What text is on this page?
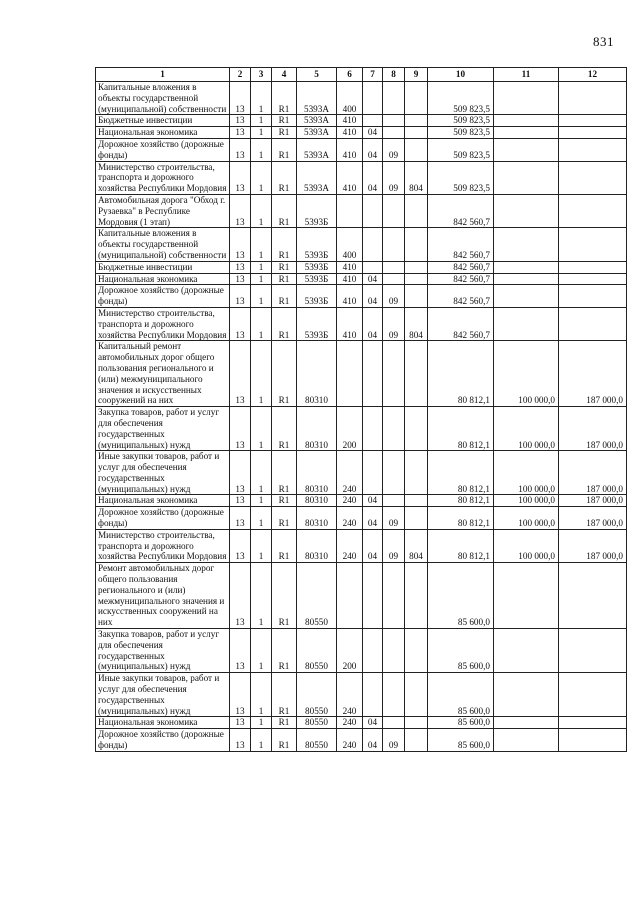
831
1	2	3	4	5	6	7	8	9	10	11	12
Капитальные вложения в объекты государственной (муниципальной) собственности	13	1	R1	5393А	400				509 823,5		
Бюджетные инвестиции	13	1	R1	5393А	410				509 823,5		
Национальная экономика	13	1	R1	5393А	410	04			509 823,5		
Дорожное хозяйство (дорожные фонды)	13	1	R1	5393А	410	04	09		509 823,5		
Министерство строительства, транспорта и дорожного хозяйства Республики Мордовия	13	1	R1	5393А	410	04	09	804	509 823,5		
Автомобильная дорога "Обход г. Рузаевка" в Республике Мордовия (1 этап)	13	1	R1	5393Б					842 560,7		
Капитальные вложения в объекты государственной (муниципальной) собственности	13	1	R1	5393Б	400				842 560,7		
Бюджетные инвестиции	13	1	R1	5393Б	410				842 560,7		
Национальная экономика	13	1	R1	5393Б	410	04			842 560,7		
Дорожное хозяйство (дорожные фонды)	13	1	R1	5393Б	410	04	09		842 560,7		
Министерство строительства, транспорта и дорожного хозяйства Республики Мордовия	13	1	R1	5393Б	410	04	09	804	842 560,7		
Капитальный ремонт автомобильных дорог общего пользования регионального и (или) межмуниципального значения и искусственных сооружений на них	13	1	R1	80310					80 812,1	100 000,0	187 000,0
Закупка товаров, работ и услуг для обеспечения государственных (муниципальных) нужд	13	1	R1	80310	200				80 812,1	100 000,0	187 000,0
Иные закупки товаров, работ и услуг для обеспечения государственных (муниципальных) нужд	13	1	R1	80310	240				80 812,1	100 000,0	187 000,0
Национальная экономика	13	1	R1	80310	240	04			80 812,1	100 000,0	187 000,0
Дорожное хозяйство (дорожные фонды)	13	1	R1	80310	240	04	09		80 812,1	100 000,0	187 000,0
Министерство строительства, транспорта и дорожного хозяйства Республики Мордовия	13	1	R1	80310	240	04	09	804	80 812,1	100 000,0	187 000,0
Ремонт автомобильных дорог общего пользования регионального и (или) межмуниципального значения и искусственных сооружений на них	13	1	R1	80550					85 600,0		
Закупка товаров, работ и услуг для обеспечения государственных (муниципальных) нужд	13	1	R1	80550	200				85 600,0		
Иные закупки товаров, работ и услуг для обеспечения государственных (муниципальных) нужд	13	1	R1	80550	240				85 600,0		
Национальная экономика	13	1	R1	80550	240	04			85 600,0		
Дорожное хозяйство (дорожные фонды)	13	1	R1	80550	240	04	09		85 600,0		
